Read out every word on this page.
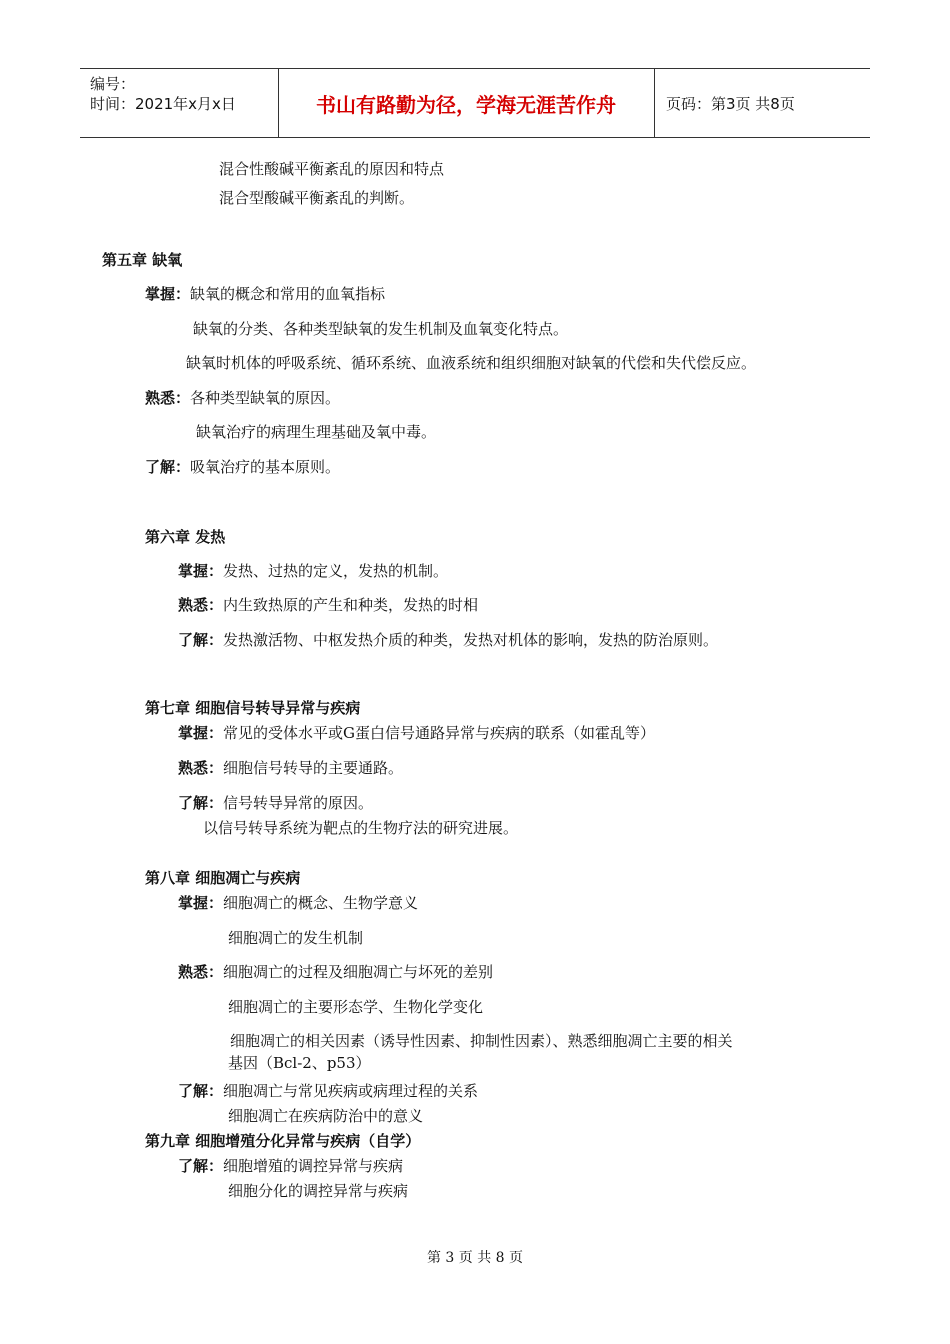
编号：
时间：2021年x月x日	书山有路勤为径，学海无涯苦作舟	页码：第3页 共8页
混合性酸碱平衡紊乱的原因和特点
混合型酸碱平衡紊乱的判断。
第五章 缺氧
掌握：缺氧的概念和常用的血氧指标
缺氧的分类、各种类型缺氧的发生机制及血氧变化特点。
缺氧时机体的呼吸系统、循环系统、血液系统和组织细胞对缺氧的代偿和失代偿反应。
熟悉：各种类型缺氧的原因。
缺氧治疗的病理生理基础及氧中毒。
了解：吸氧治疗的基本原则。
第六章 发热
掌握：发热、过热的定义，发热的机制。
熟悉：内生致热原的产生和种类，发热的时相
了解：发热激活物、中枢发热介质的种类，发热对机体的影响，发热的防治原则。
第七章 细胞信号转导异常与疾病
掌握：常见的受体水平或G蛋白信号通路异常与疾病的联系（如霍乱等）
熟悉：细胞信号转导的主要通路。
了解：信号转导异常的原因。
以信号转导系统为靶点的生物疗法的研究进展。
第八章 细胞凋亡与疾病
掌握：细胞凋亡的概念、生物学意义
细胞凋亡的发生机制
熟悉：细胞凋亡的过程及细胞凋亡与坏死的差别
细胞凋亡的主要形态学、生物化学变化
细胞凋亡的相关因素（诱导性因素、抑制性因素）、熟悉细胞凋亡主要的相关
基因（Bcl-2、p53）
了解：细胞凋亡与常见疾病或病理过程的关系
细胞凋亡在疾病防治中的意义
第九章 细胞增殖分化异常与疾病（自学）
了解：细胞增殖的调控异常与疾病
细胞分化的调控异常与疾病
第 3 页 共 8 页
